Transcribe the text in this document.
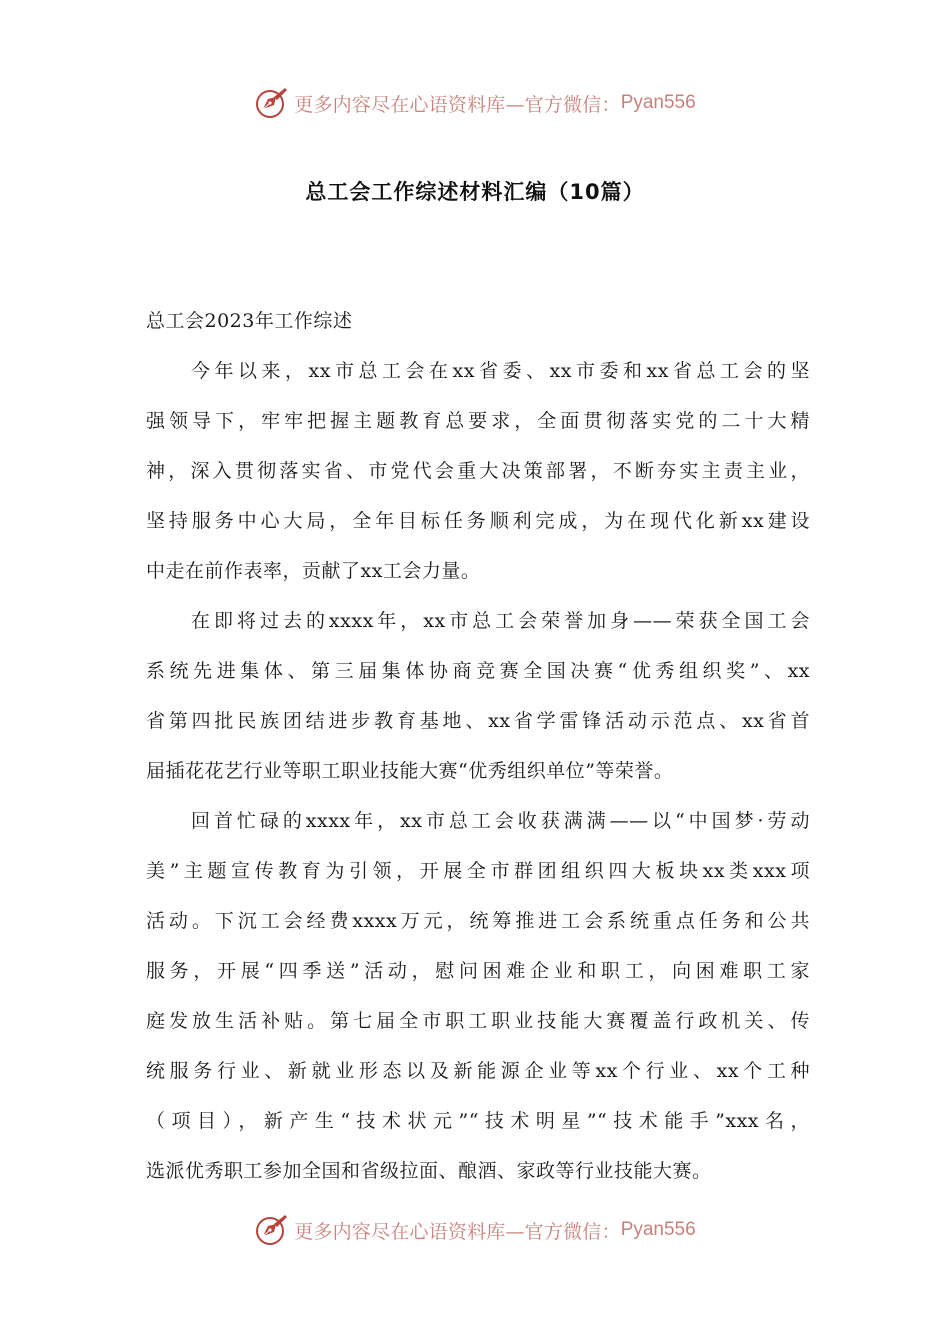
更多内容尽在心语资料库—官方微信： Pyan556
总工会工作综述材料汇编（10篇）

总工会2023年工作综述

今年以来，xx市总工会在xx省委、xx市委和xx省总工会的坚
强领导下，牢牢把握主题教育总要求，全面贯彻落实党的二十大精
神，深入贯彻落实省、市党代会重大决策部署，不断夯实主责主业，
坚持服务中心大局，全年目标任务顺利完成，为在现代化新xx建设
中走在前作表率，贡献了xx工会力量。
在即将过去的xxxx年，xx市总工会荣誉加身——荣获全国工会
系统先进集体、第三届集体协商竞赛全国决赛“优秀组织奖”、xx
省第四批民族团结进步教育基地、xx省学雷锋活动示范点、xx省首
届插花花艺行业等职工职业技能大赛“优秀组织单位”等荣誉。
回首忙碌的xxxx年，xx市总工会收获满满——以“中国梦·劳动
美”主题宣传教育为引领，开展全市群团组织四大板块xx类xxx项
活动。下沉工会经费xxxx万元，统筹推进工会系统重点任务和公共
服务，开展“四季送”活动，慰问困难企业和职工，向困难职工家
庭发放生活补贴。第七届全市职工职业技能大赛覆盖行政机关、传
统服务行业、新就业形态以及新能源企业等xx个行业、xx个工种
（项目），新产生“技术状元”“技术明星”“技术能手”xxx名，
选派优秀职工参加全国和省级拉面、酿酒、家政等行业技能大赛。
更多内容尽在心语资料库—官方微信： Pyan556
